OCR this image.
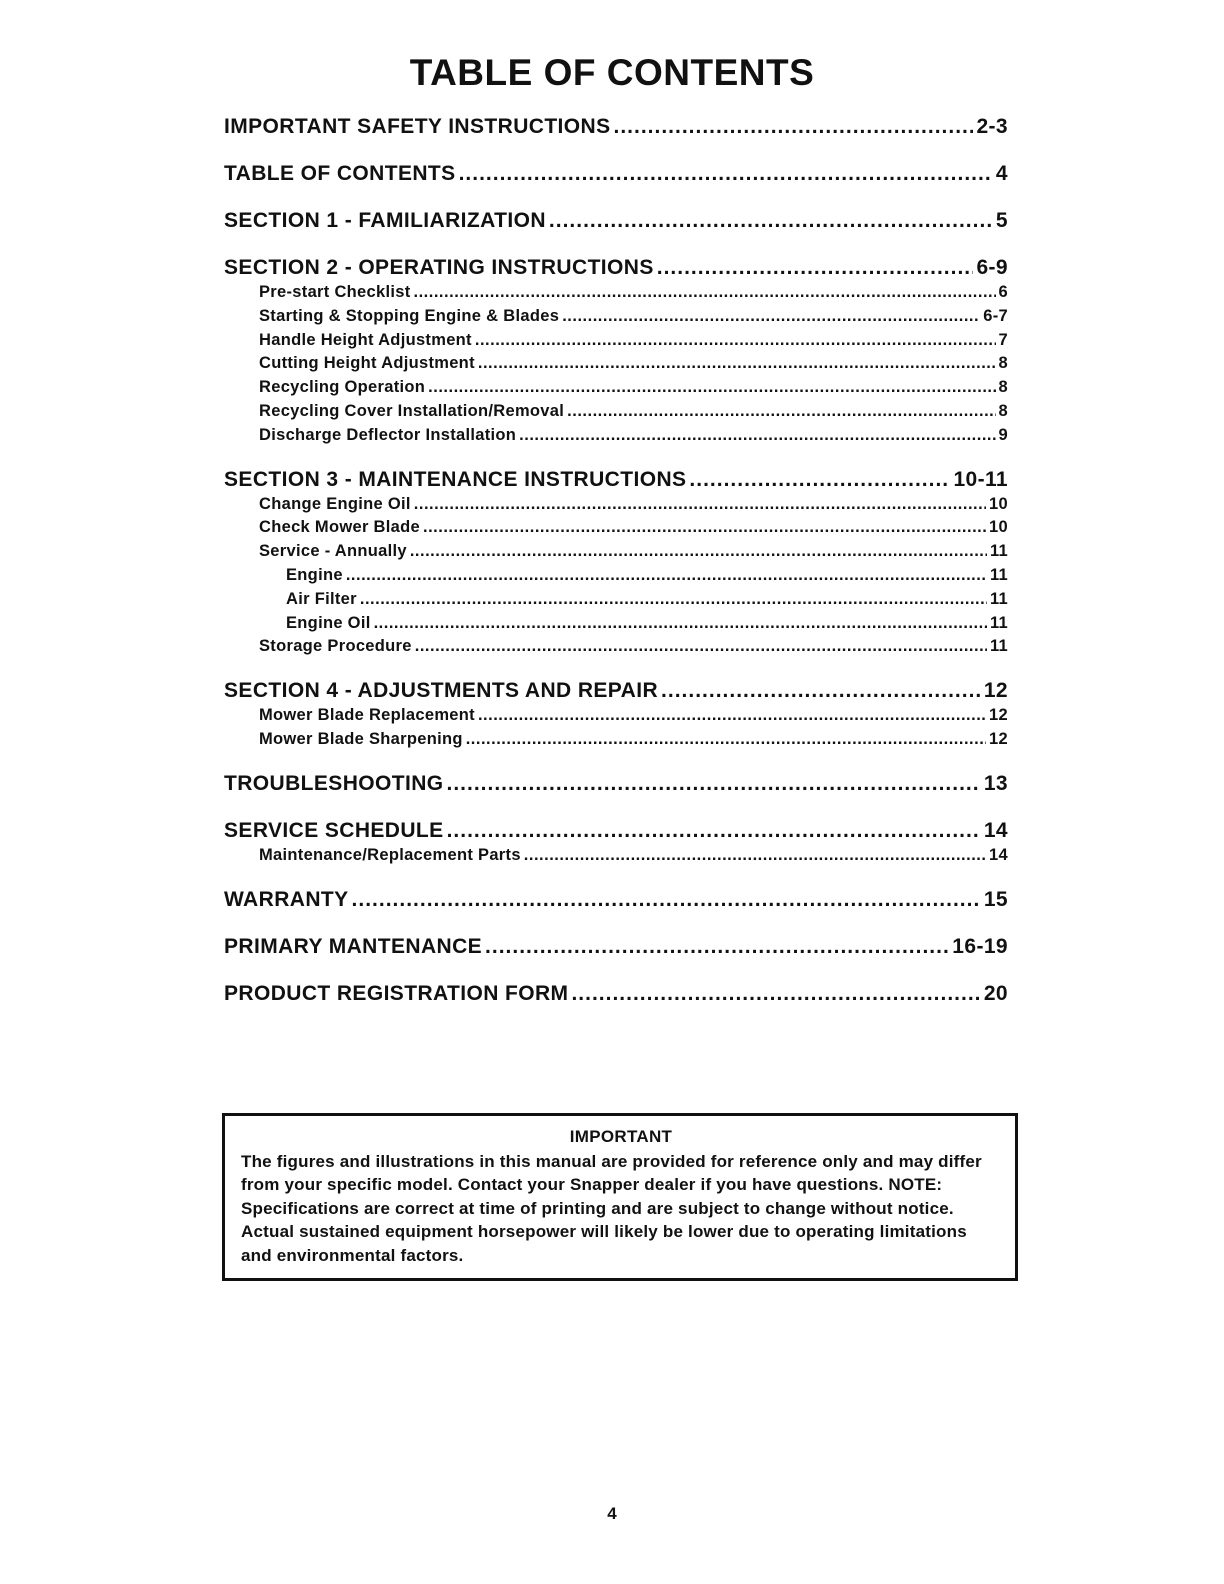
TABLE OF CONTENTS
IMPORTANT SAFETY INSTRUCTIONS .....	2-3
TABLE OF CONTENTS .....	4
SECTION 1 - FAMILIARIZATION .....	5
SECTION 2 - OPERATING INSTRUCTIONS .....	6-9
Pre-start Checklist .....	6
Starting & Stopping Engine & Blades .....	6-7
Handle Height Adjustment .....	7
Cutting Height Adjustment .....	8
Recycling Operation .....	8
Recycling Cover Installation/Removal .....	8
Discharge Deflector Installation .....	9
SECTION 3 - MAINTENANCE INSTRUCTIONS .....	10-11
Change Engine Oil .....	10
Check Mower Blade .....	10
Service - Annually .....	11
Engine .....	11
Air Filter .....	11
Engine Oil .....	11
Storage Procedure .....	11
SECTION 4 - ADJUSTMENTS AND REPAIR .....	12
Mower Blade Replacement .....	12
Mower Blade Sharpening .....	12
TROUBLESHOOTING .....	13
SERVICE SCHEDULE .....	14
Maintenance/Replacement Parts .....	14
WARRANTY .....	15
PRIMARY MANTENANCE .....	16-19
PRODUCT REGISTRATION FORM .....	20

IMPORTANT

The figures and illustrations in this manual are provided for reference only and may differ from your specific model. Contact your Snapper dealer if you have questions. NOTE: Specifications are correct at time of printing and are subject to change without notice. Actual sustained equipment horsepower will likely be lower due to operating limitations and environmental factors.

4
